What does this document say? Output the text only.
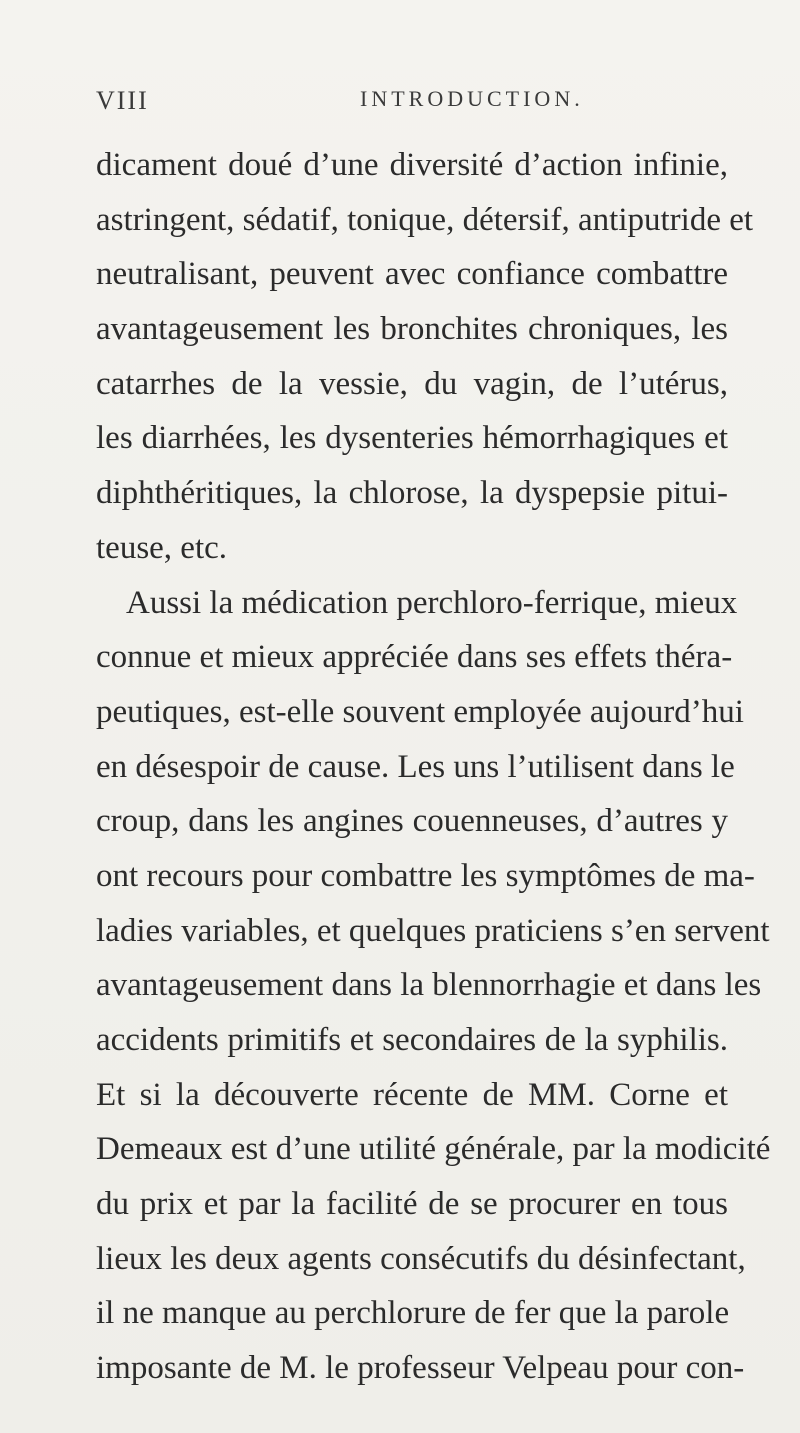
VIII	INTRODUCTION.
dicament doué d’une diversité d’action infinie,
astringent, sédatif, tonique, détersif, antiputride et
neutralisant, peuvent avec confiance combattre
avantageusement les bronchites chroniques, les
catarrhes de la vessie, du vagin, de l’utérus,
les diarrhées, les dysenteries hémorrhagiques et
diphthéritiques, la chlorose, la dyspepsie pitui-
teuse, etc.
Aussi la médication perchloro-ferrique, mieux
connue et mieux appréciée dans ses effets théra-
peutiques, est-elle souvent employée aujourd’hui
en désespoir de cause. Les uns l’utilisent dans le
croup, dans les angines couenneuses, d’autres y
ont recours pour combattre les symptômes de ma-
ladies variables, et quelques praticiens s’en servent
avantageusement dans la blennorrhagie et dans les
accidents primitifs et secondaires de la syphilis.
Et si la découverte récente de MM. Corne et
Demeaux est d’une utilité générale, par la modicité
du prix et par la facilité de se procurer en tous
lieux les deux agents consécutifs du désinfectant,
il ne manque au perchlorure de fer que la parole
imposante de M. le professeur Velpeau pour con-
